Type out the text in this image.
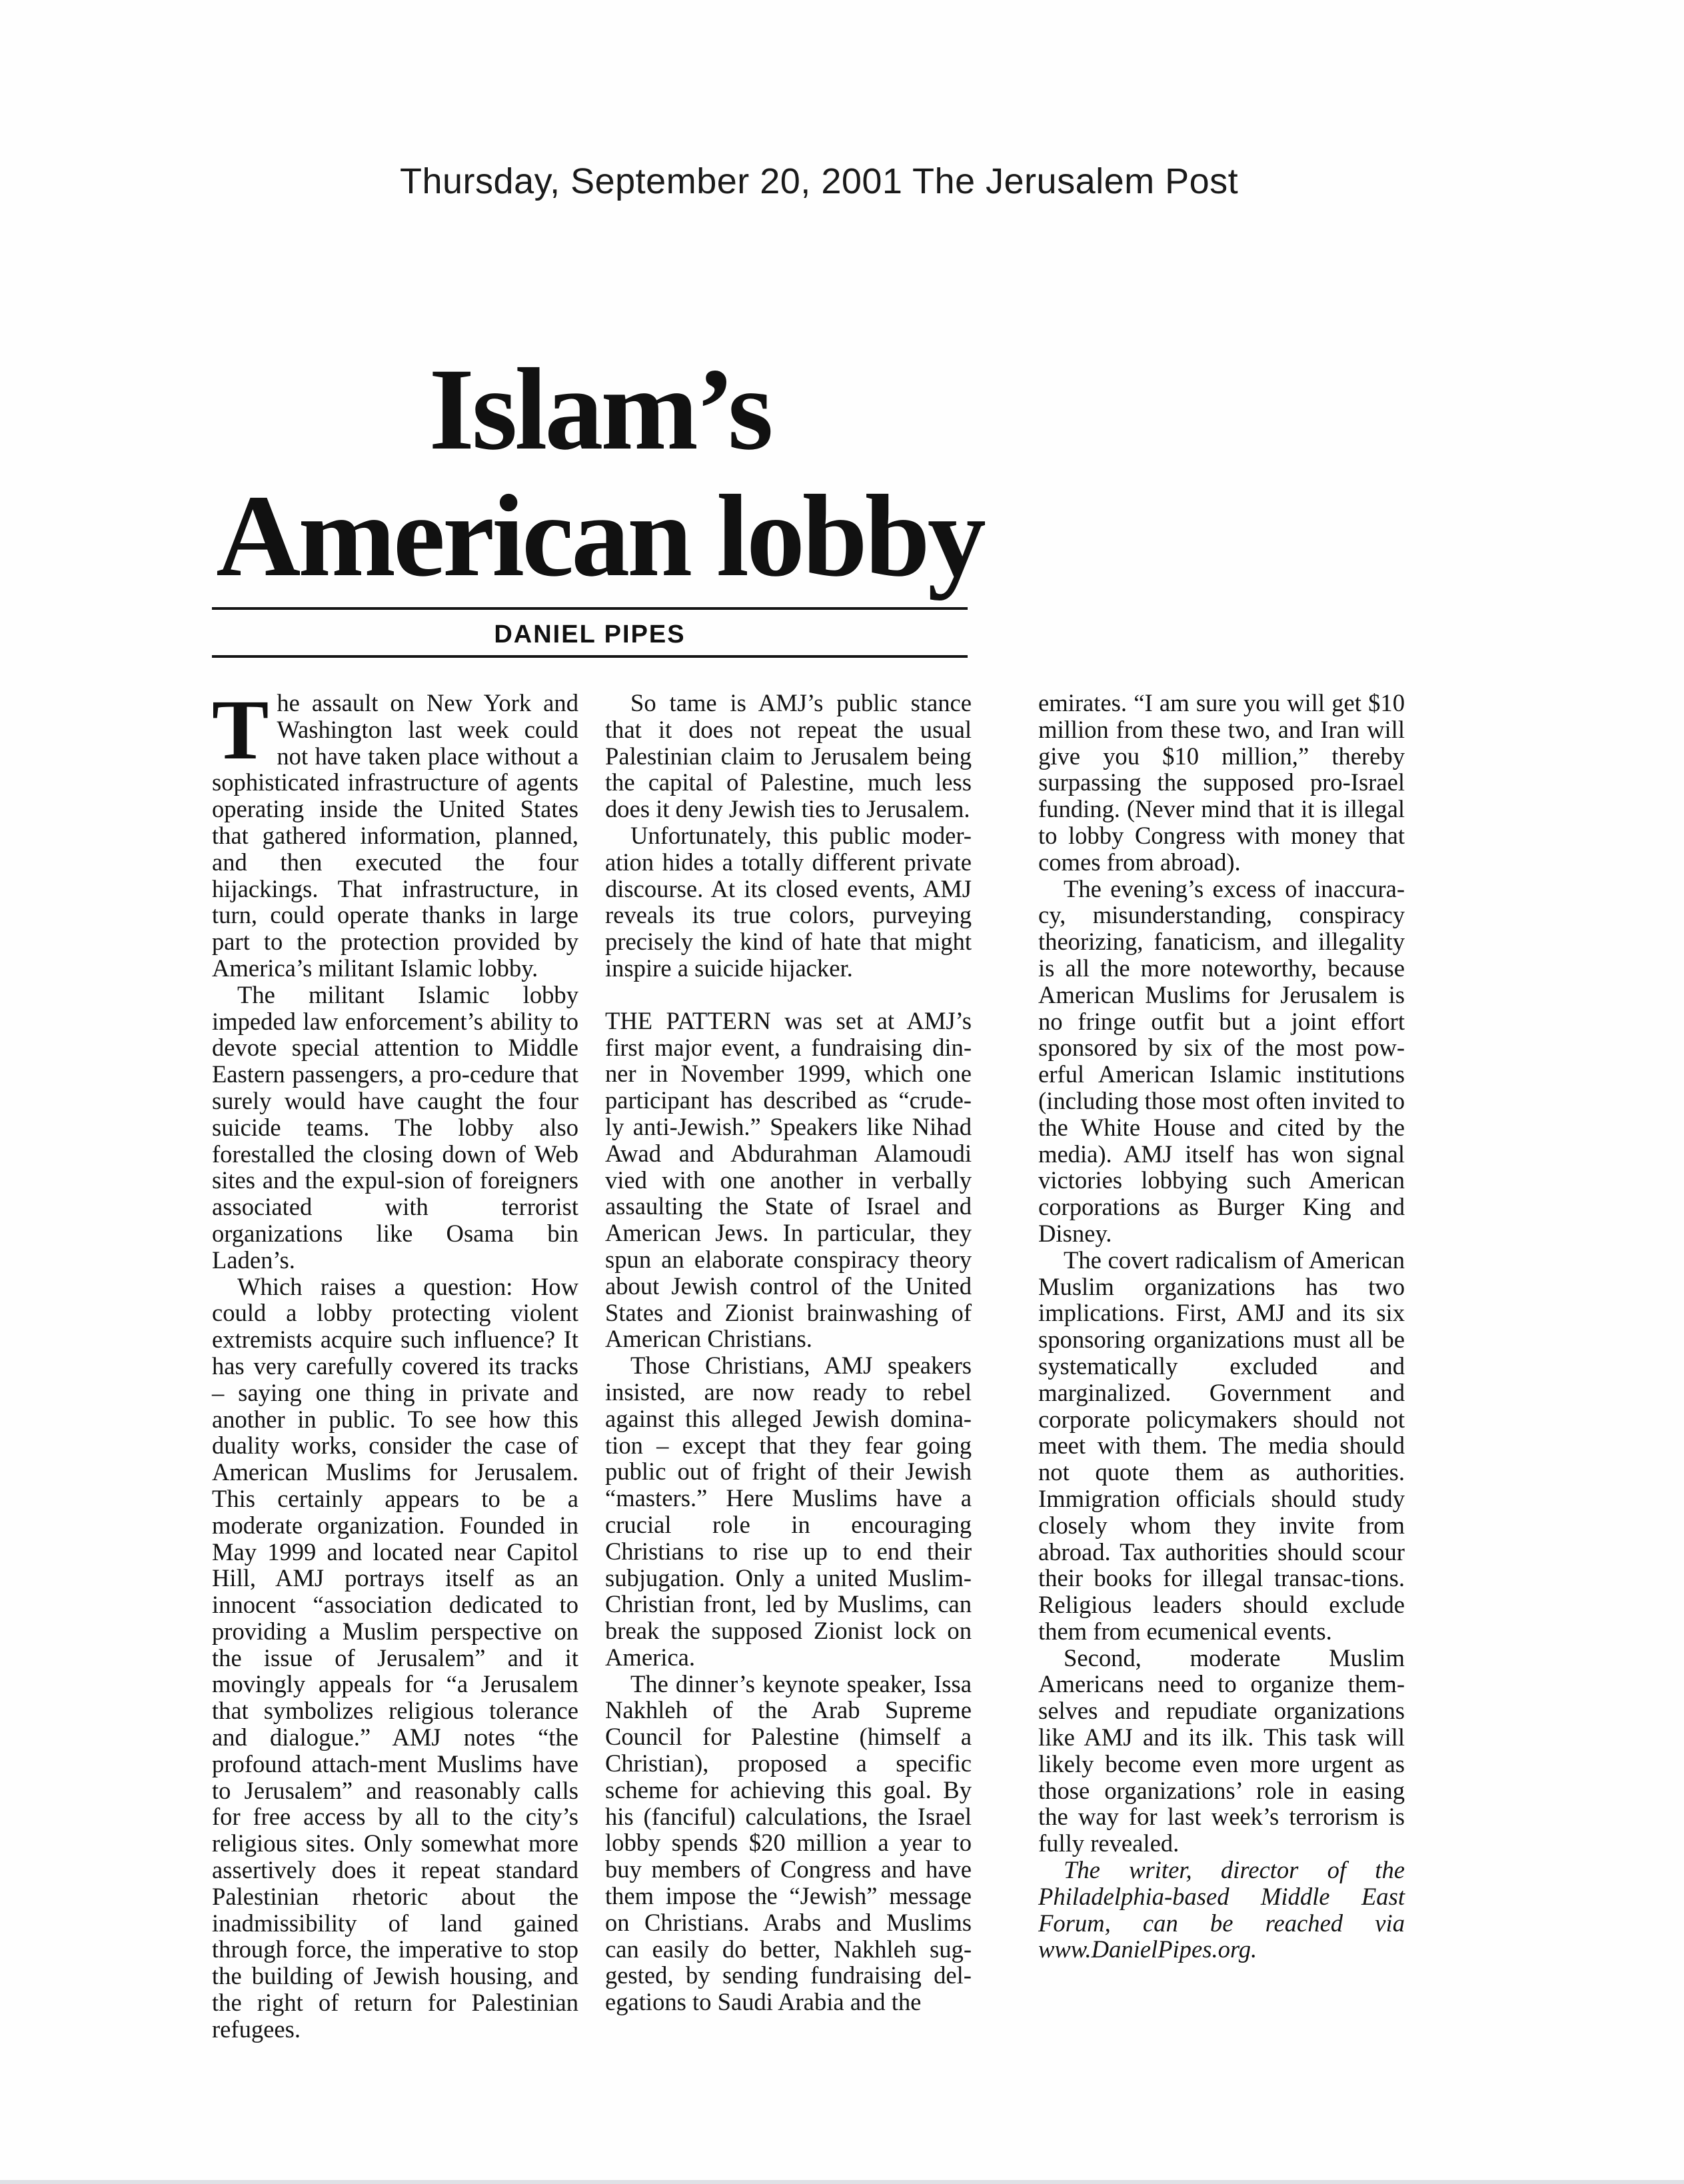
Thursday, September 20, 2001 The Jerusalem Post
Islam’s
American lobby
DANIEL PIPES

The assault on New York and Washington last week could not have taken place without a sophisticated infrastructure of agents operating inside the United States that gathered information, planned, and then executed the four hijackings. That infrastructure, in turn, could operate thanks in large part to the protection provided by America’s militant Islamic lobby.

The militant Islamic lobby impeded law enforcement’s ability to devote special attention to Middle Eastern passengers, a pro-cedure that surely would have caught the four suicide teams. The lobby also forestalled the closing down of Web sites and the expul-sion of foreigners associated with terrorist organizations like Osama bin Laden’s.

Which raises a question: How could a lobby protecting violent extremists acquire such influence? It has very carefully covered its tracks – saying one thing in private and another in public. To see how this duality works, consider the case of American Muslims for Jerusalem. This certainly appears to be a moderate organization. Founded in May 1999 and located near Capitol Hill, AMJ portrays itself as an innocent “association dedicated to providing a Muslim perspective on the issue of Jerusalem” and it movingly appeals for “a Jerusalem that symbolizes religious tolerance and dialogue.” AMJ notes “the profound attach-ment Muslims have to Jerusalem” and reasonably calls for free access by all to the city’s religious sites. Only somewhat more assertively does it repeat standard Palestinian rhetoric about the inadmissibility of land gained through force, the imperative to stop the building of Jewish housing, and the right of return for Palestinian refugees.

So tame is AMJ’s public stance that it does not repeat the usual Palestinian claim to Jerusalem being the capital of Palestine, much less does it deny Jewish ties to Jerusalem.

Unfortunately, this public moder-ation hides a totally different private discourse. At its closed events, AMJ reveals its true colors, purveying precisely the kind of hate that might inspire a suicide hijacker.

THE PATTERN was set at AMJ’s first major event, a fundraising din-ner in November 1999, which one participant has described as “crude-ly anti-Jewish.” Speakers like Nihad Awad and Abdurahman Alamoudi vied with one another in verbally assaulting the State of Israel and American Jews. In particular, they spun an elaborate conspiracy theory about Jewish control of the United States and Zionist brainwashing of American Christians.

Those Christians, AMJ speakers insisted, are now ready to rebel against this alleged Jewish domina-tion – except that they fear going public out of fright of their Jewish “masters.” Here Muslims have a crucial role in encouraging Christians to rise up to end their subjugation. Only a united Muslim-Christian front, led by Muslims, can break the supposed Zionist lock on America.

The dinner’s keynote speaker, Issa Nakhleh of the Arab Supreme Council for Palestine (himself a Christian), proposed a specific scheme for achieving this goal. By his (fanciful) calculations, the Israel lobby spends $20 million a year to buy members of Congress and have them impose the “Jewish” message on Christians. Arabs and Muslims can easily do better, Nakhleh sug-gested, by sending fundraising del-egations to Saudi Arabia and the

emirates. “I am sure you will get $10 million from these two, and Iran will give you $10 million,” thereby surpassing the supposed pro-Israel funding. (Never mind that it is illegal to lobby Congress with money that comes from abroad).

The evening’s excess of inaccura-cy, misunderstanding, conspiracy theorizing, fanaticism, and illegality is all the more noteworthy, because American Muslims for Jerusalem is no fringe outfit but a joint effort sponsored by six of the most pow-erful American Islamic institutions (including those most often invited to the White House and cited by the media). AMJ itself has won signal victories lobbying such American corporations as Burger King and Disney.

The covert radicalism of American Muslim organizations has two implications. First, AMJ and its six sponsoring organizations must all be systematically excluded and marginalized. Government and corporate policymakers should not meet with them. The media should not quote them as authorities. Immigration officials should study closely whom they invite from abroad. Tax authorities should scour their books for illegal transac-tions. Religious leaders should exclude them from ecumenical events.

Second, moderate Muslim Americans need to organize them-selves and repudiate organizations like AMJ and its ilk. This task will likely become even more urgent as those organizations’ role in easing the way for last week’s terrorism is fully revealed.

The writer, director of the Philadelphia-based Middle East Forum, can be reached via www.DanielPipes.org.
